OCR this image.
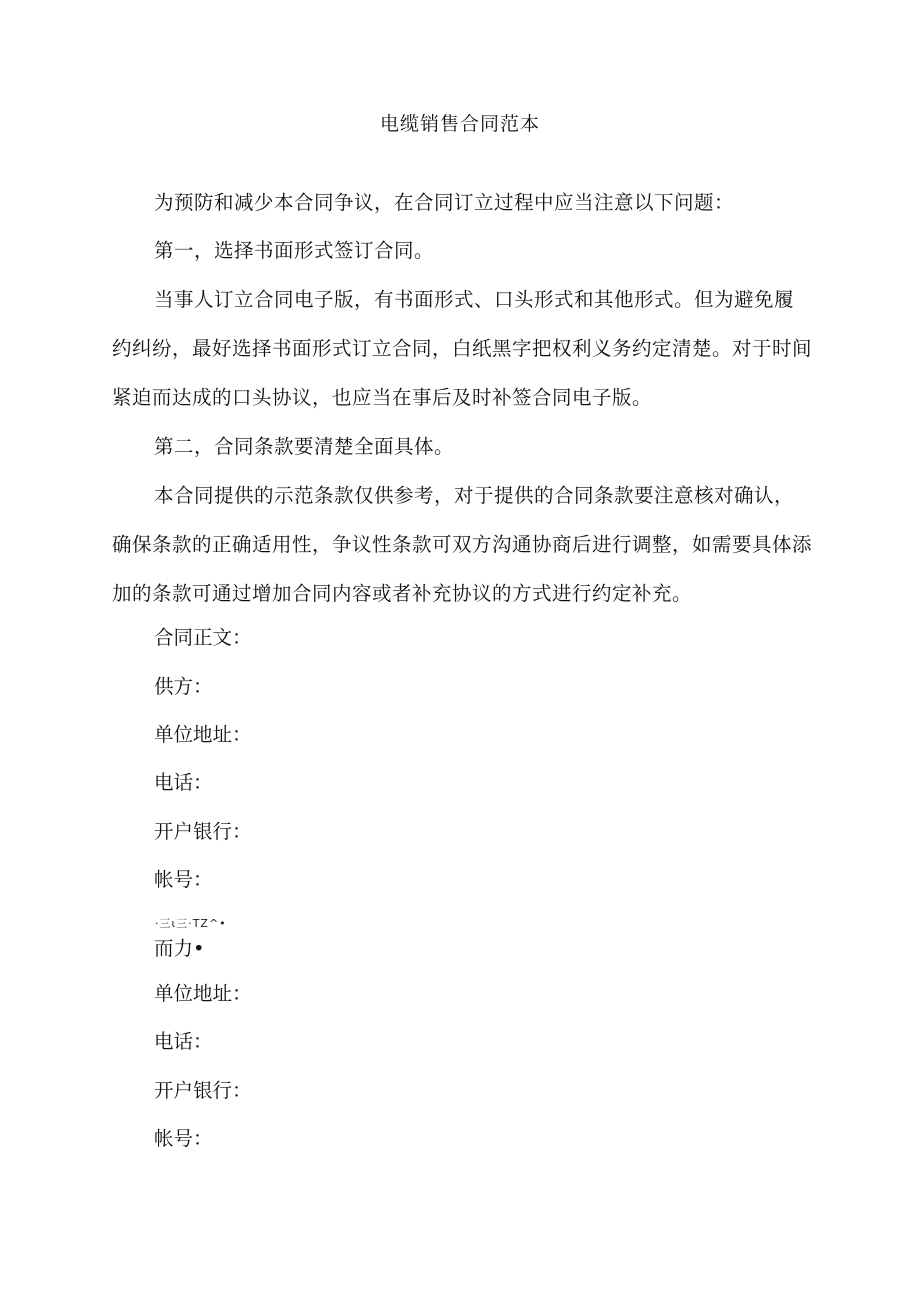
电缆销售合同范本

为预防和减少本合同争议，在合同订立过程中应当注意以下问题：

第一，选择书面形式签订合同。

当事人订立合同电子版，有书面形式、口头形式和其他形式。但为避免履约纠纷，最好选择书面形式订立合同，白纸黑字把权利义务约定清楚。对于时间紧迫而达成的口头协议，也应当在事后及时补签合同电子版。

第二，合同条款要清楚全面具体。

本合同提供的示范条款仅供参考，对于提供的合同条款要注意核对确认，确保条款的正确适用性，争议性条款可双方沟通协商后进行调整，如需要具体添加的条款可通过增加合同内容或者补充协议的方式进行约定补充。

合同正文：

供方：

单位地址：

电话：

开户银行：

帐号：

·三ι三·TZ^•

而力•

单位地址：

电话：

开户银行：

帐号：
